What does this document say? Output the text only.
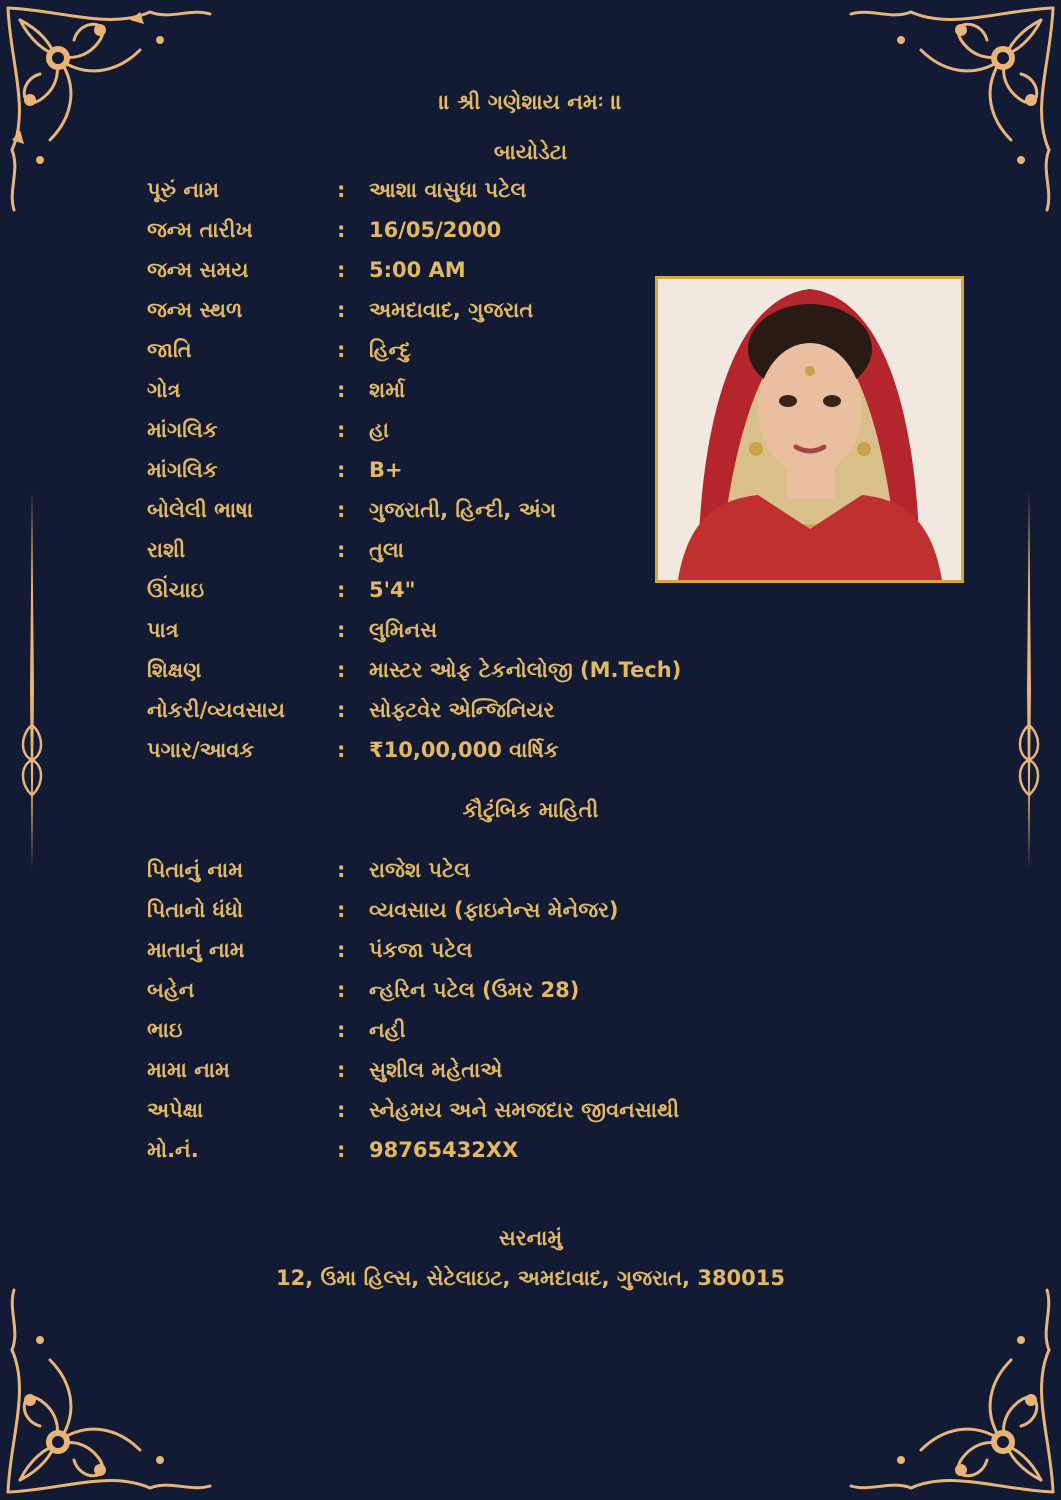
॥ શ્રી ગણેશાય નમઃ ॥
બાયોડેટા
પૂરું નામ	:	આશા વાસુધા પટેલ
જન્મ તારીખ	:	16/05/2000
જન્મ સમય	:	5:00 AM
જન્મ સ્થળ	:	અમદાવાદ, ગુજરાત
જાતિ	:	હિન્દુ
ગોત્ર	:	શર્મા
માંગલિક	:	હા
માંગલિક	:	B+
બોલેલી ભાષા	:	ગુજરાતી, હિન્દી, અંગ
રાશી	:	તુલા
ઊંચાઇ	:	5'4"
પાત્ર	:	લુમિનસ
શિક્ષણ	:	માસ્ટર ઓફ ટેકનોલોજી (M.Tech)
નોકરી/વ્યવસાય	:	સોફ્ટવેર એન્જિનિયર
પગાર/આવક	:	₹10,00,000 વાર્ષિક
કૌટુંબિક માહિતી
પિતાનું નામ	:	રાજેશ પટેલ
પિતાનો ધંધો	:	વ્યવસાય (ફાઇનેન્સ મેનેજર)
માતાનું નામ	:	પંકજા પટેલ
બહેન	:	ન્હરિન પટેલ (ઉમર 28)
ભાઇ	:	નહી
મામા નામ	:	સુશીલ મહેતાએ
અપેક્ષા	:	સ્નેહમય અને સમજદાર જીવનસાથી
મો.નં.	:	98765432XX
સરનામું
12, ઉમા હિલ્સ, સેટેલાઇટ, અમદાવાદ, ગુજરાત, 380015
